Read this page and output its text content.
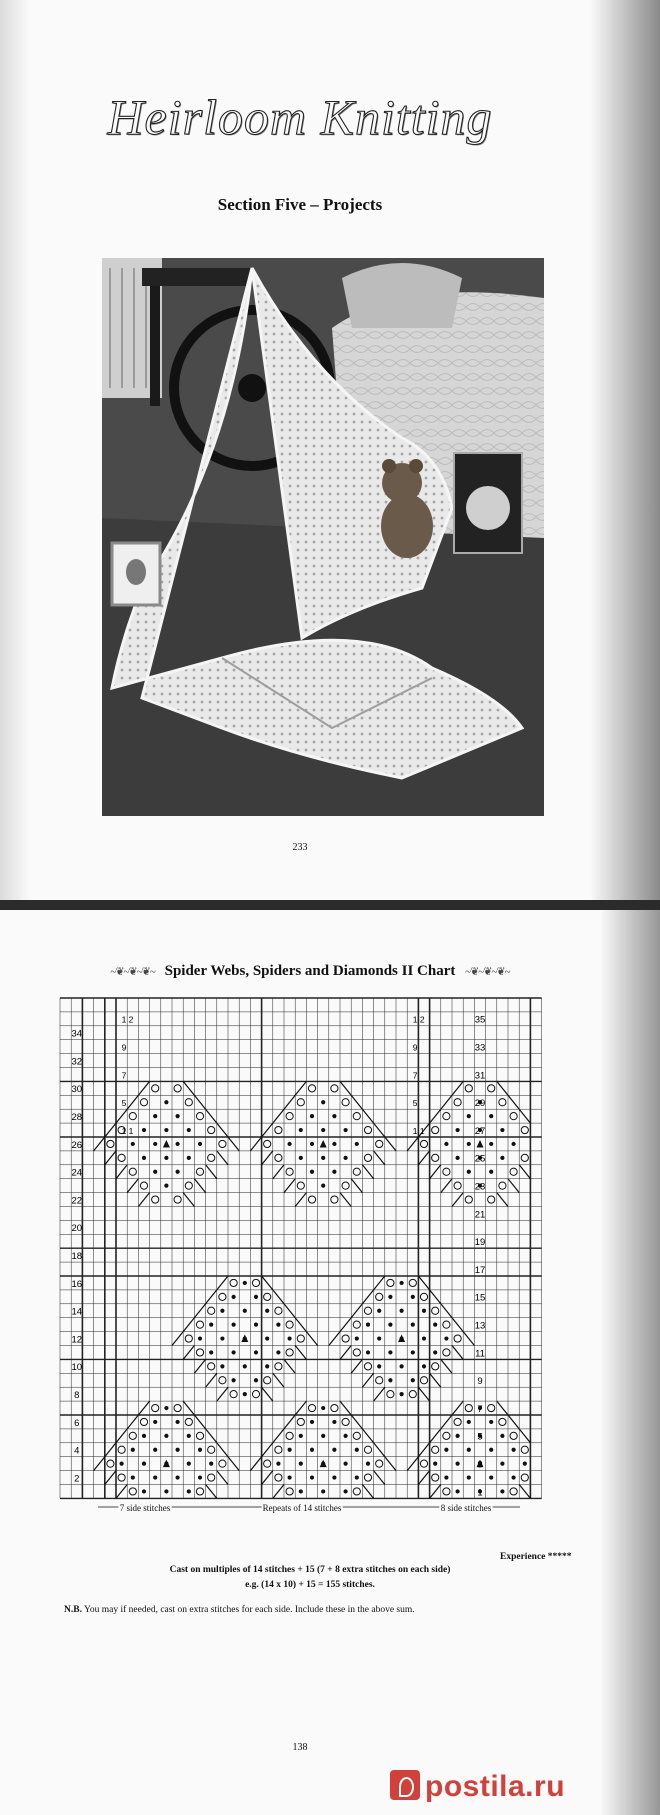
Heirloom Knitting
Section Five – Projects
233
~❦~❦~❦~ Spider Webs, Spiders and Diamonds II Chart ~❦~❦~❦~
34
32
30
28
26
24
22
20
18
16
14
12
10
8
6
4
2
35
33
31
29
27
25
23
21
19
17
15
13
11
9
7
5
3
1
1 2
9
7
5
1 1
1 2
9
7
5
1 1
7 side stitches	Repeats of 14 stitches	8 side stitches
Experience *****
Cast on multiples of 14 stitches + 15 (7 + 8 extra stitches on each side)
e.g. (14 x 10) + 15 = 155 stitches.
N.B. You may if needed, cast on extra stitches for each side. Include these in the above sum.
138
postila.ru
